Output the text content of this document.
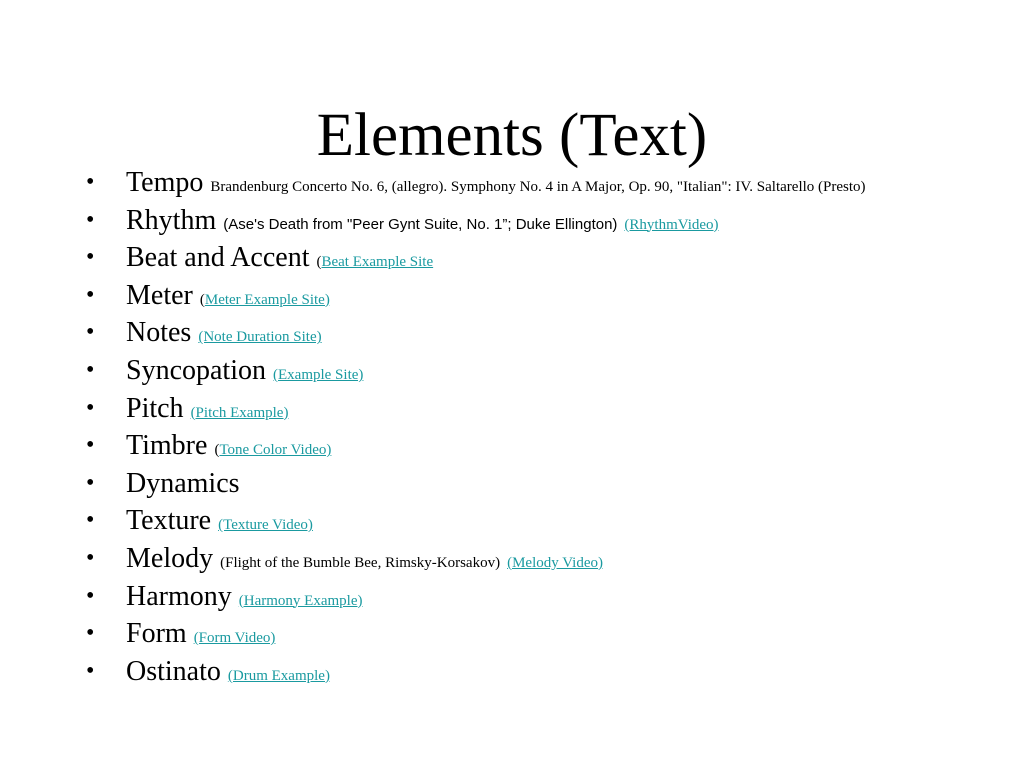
Elements (Text)
•	Tempo Brandenburg Concerto No. 6, (allegro). Symphony No. 4 in A Major, Op. 90, "Italian": IV. Saltarello (Presto)
•	Rhythm (Ase's Death from "Peer Gynt Suite, No. 1”; Duke Ellington) (RhythmVideo)
•	Beat and Accent (Beat Example Site
•	Meter (Meter Example Site)
•	Notes (Note Duration Site)
•	Syncopation (Example Site)
•	Pitch (Pitch Example)
•	Timbre (Tone Color Video)
•	Dynamics
•	Texture (Texture Video)
•	Melody (Flight of the Bumble Bee, Rimsky-Korsakov) (Melody Video)
•	Harmony (Harmony Example)
•	Form (Form Video)
•	Ostinato (Drum Example)
